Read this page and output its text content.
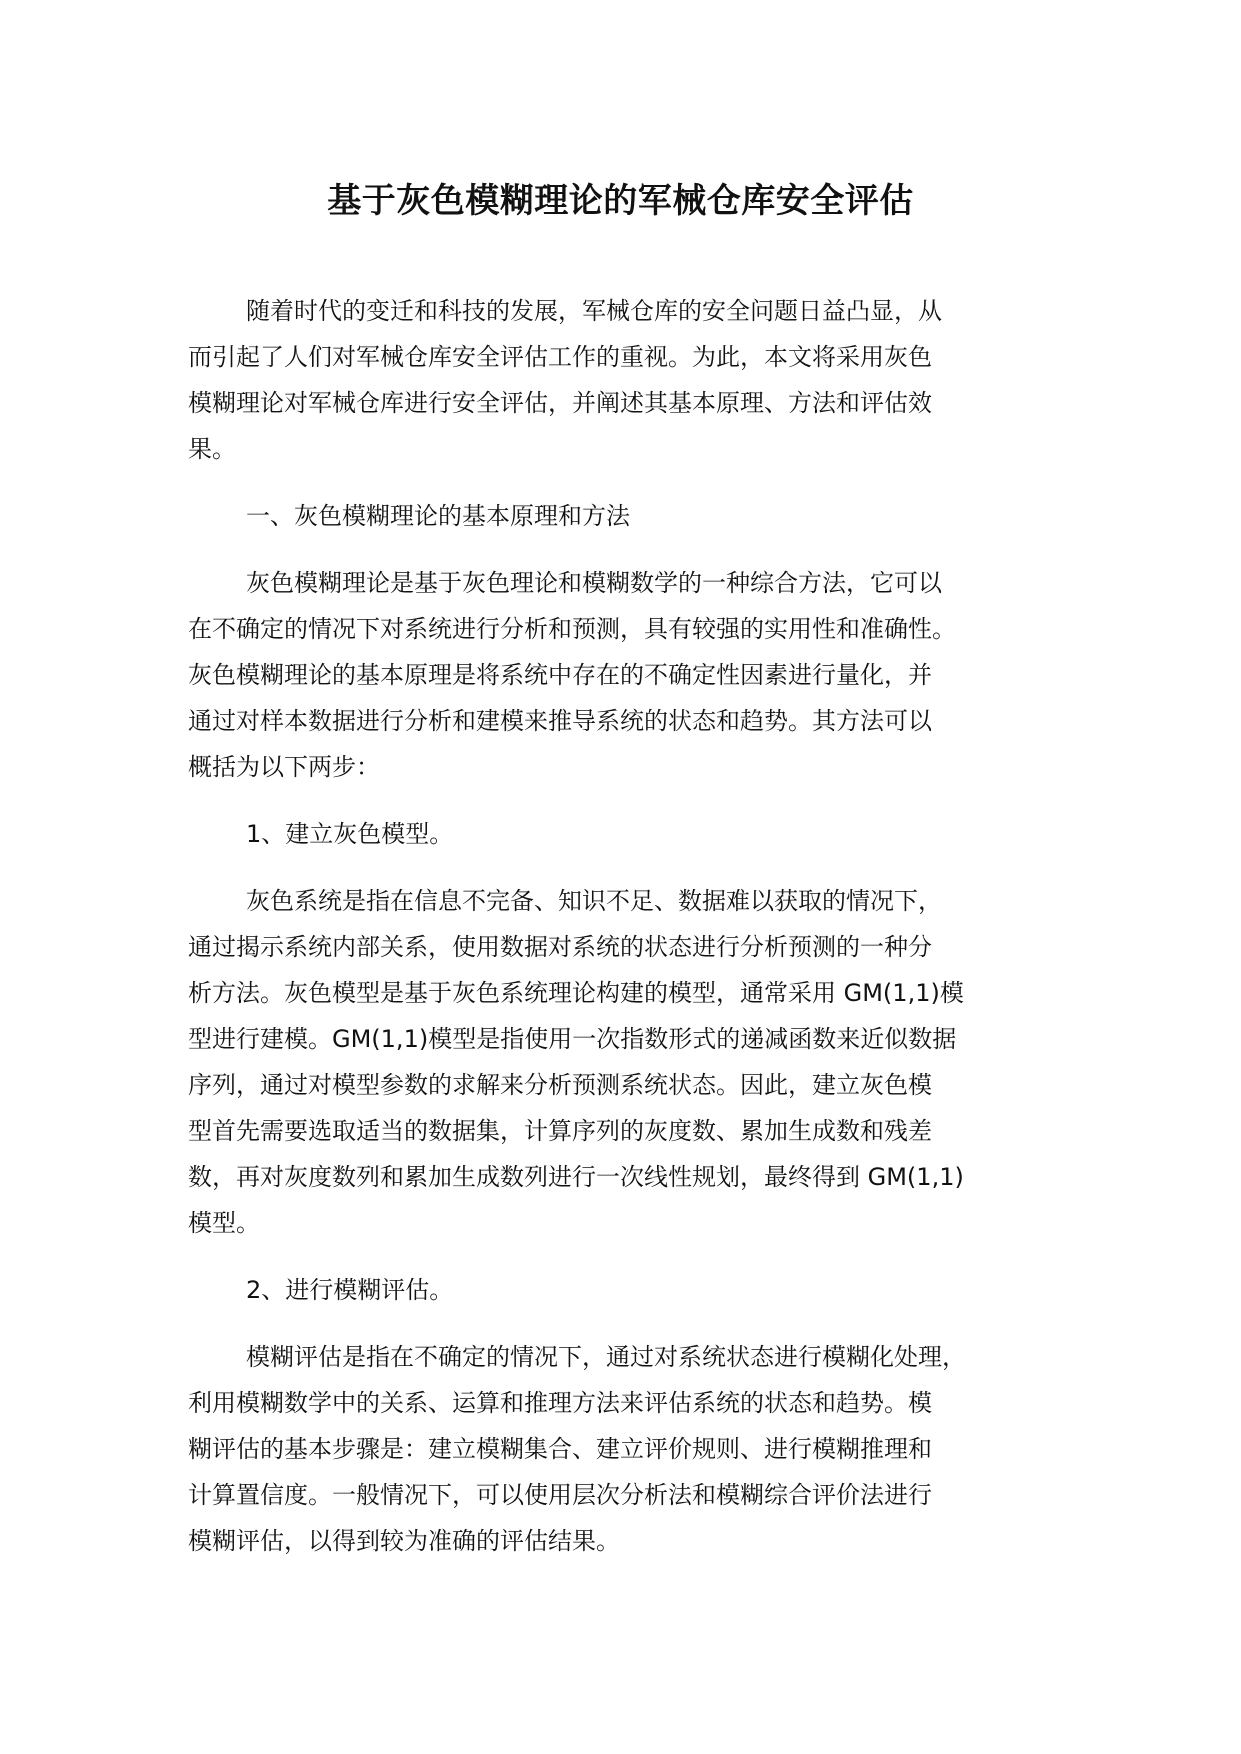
基于灰色模糊理论的军械仓库安全评估

随着时代的变迁和科技的发展，军械仓库的安全问题日益凸显，从
而引起了人们对军械仓库安全评估工作的重视。为此，本文将采用灰色
模糊理论对军械仓库进行安全评估，并阐述其基本原理、方法和评估效
果。

一、灰色模糊理论的基本原理和方法

灰色模糊理论是基于灰色理论和模糊数学的一种综合方法，它可以
在不确定的情况下对系统进行分析和预测，具有较强的实用性和准确性。
灰色模糊理论的基本原理是将系统中存在的不确定性因素进行量化，并
通过对样本数据进行分析和建模来推导系统的状态和趋势。其方法可以
概括为以下两步：

1、建立灰色模型。

灰色系统是指在信息不完备、知识不足、数据难以获取的情况下，
通过揭示系统内部关系，使用数据对系统的状态进行分析预测的一种分
析方法。灰色模型是基于灰色系统理论构建的模型，通常采用 GM(1,1)模
型进行建模。GM(1,1)模型是指使用一次指数形式的递减函数来近似数据
序列，通过对模型参数的求解来分析预测系统状态。因此，建立灰色模
型首先需要选取适当的数据集，计算序列的灰度数、累加生成数和残差
数，再对灰度数列和累加生成数列进行一次线性规划，最终得到 GM(1,1)
模型。

2、进行模糊评估。

模糊评估是指在不确定的情况下，通过对系统状态进行模糊化处理，
利用模糊数学中的关系、运算和推理方法来评估系统的状态和趋势。模
糊评估的基本步骤是：建立模糊集合、建立评价规则、进行模糊推理和
计算置信度。一般情况下，可以使用层次分析法和模糊综合评价法进行
模糊评估，以得到较为准确的评估结果。
